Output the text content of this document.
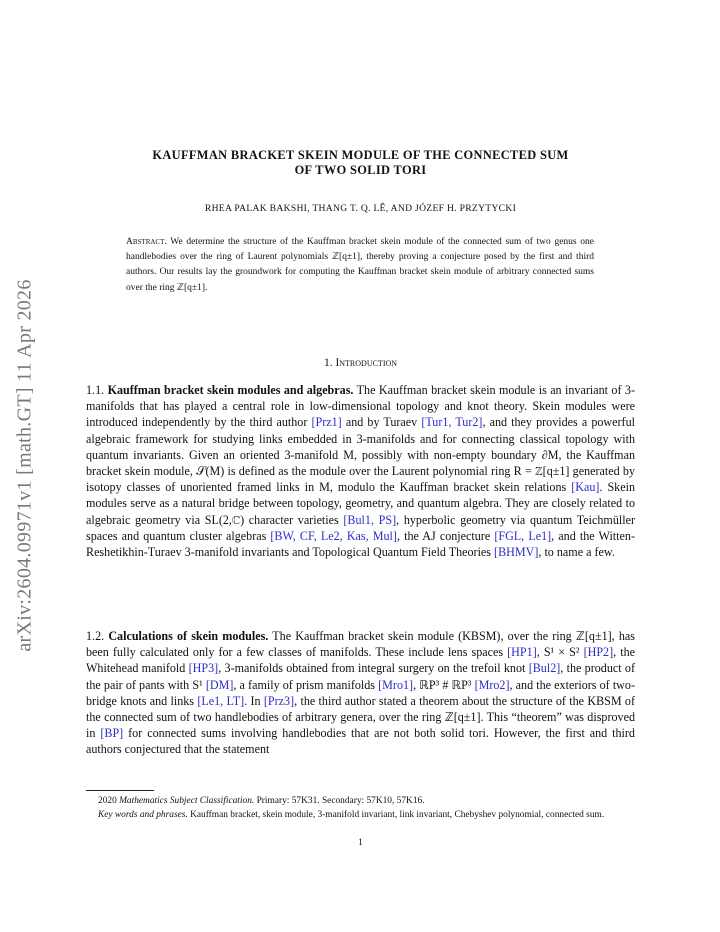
arXiv:2604.09971v1 [math.GT] 11 Apr 2026
KAUFFMAN BRACKET SKEIN MODULE OF THE CONNECTED SUM
OF TWO SOLID TORI
RHEA PALAK BAKSHI, THANG T. Q. LÊ, AND JÓZEF H. PRZYTYCKI
Abstract. We determine the structure of the Kauffman bracket skein module of the connected sum of two genus one handlebodies over the ring of Laurent polynomials ℤ[q±1], thereby proving a conjecture posed by the first and third authors. Our results lay the groundwork for computing the Kauffman bracket skein module of arbitrary connected sums over the ring ℤ[q±1].
1. Introduction
1.1. Kauffman bracket skein modules and algebras. The Kauffman bracket skein module is an invariant of 3-manifolds that has played a central role in low-dimensional topology and knot theory. Skein modules were introduced independently by the third author [Prz1] and by Turaev [Tur1, Tur2], and they provides a powerful algebraic framework for studying links embedded in 3-manifolds and for connecting classical topology with quantum invariants. Given an oriented 3-manifold M, possibly with non-empty boundary ∂M, the Kauffman bracket skein module, 𝒮(M) is defined as the module over the Laurent polynomial ring R = ℤ[q±1] generated by isotopy classes of unoriented framed links in M, modulo the Kauffman bracket skein relations [Kau]. Skein modules serve as a natural bridge between topology, geometry, and quantum algebra. They are closely related to algebraic geometry via SL(2,ℂ) character varieties [Bul1, PS], hyperbolic geometry via quantum Teichmüller spaces and quantum cluster algebras [BW, CF, Le2, Kas, Mul], the AJ conjecture [FGL, Le1], and the Witten-Reshetikhin-Turaev 3-manifold invariants and Topological Quantum Field Theories [BHMV], to name a few.
1.2. Calculations of skein modules. The Kauffman bracket skein module (KBSM), over the ring ℤ[q±1], has been fully calculated only for a few classes of manifolds. These include lens spaces [HP1], S¹ × S² [HP2], the Whitehead manifold [HP3], 3-manifolds obtained from integral surgery on the trefoil knot [Bul2], the product of the pair of pants with S¹ [DM], a family of prism manifolds [Mro1], ℝP³ # ℝP³ [Mro2], and the exteriors of two-bridge knots and links [Le1, LT]. In [Prz3], the third author stated a theorem about the structure of the KBSM of the connected sum of two handlebodies of arbitrary genera, over the ring ℤ[q±1]. This “theorem” was disproved in [BP] for connected sums involving handlebodies that are not both solid tori. However, the first and third authors conjectured that the statement
2020 Mathematics Subject Classification. Primary: 57K31. Secondary: 57K10, 57K16.
Key words and phrases. Kauffman bracket, skein module, 3-manifold invariant, link invariant, Chebyshev polynomial, connected sum.
1
